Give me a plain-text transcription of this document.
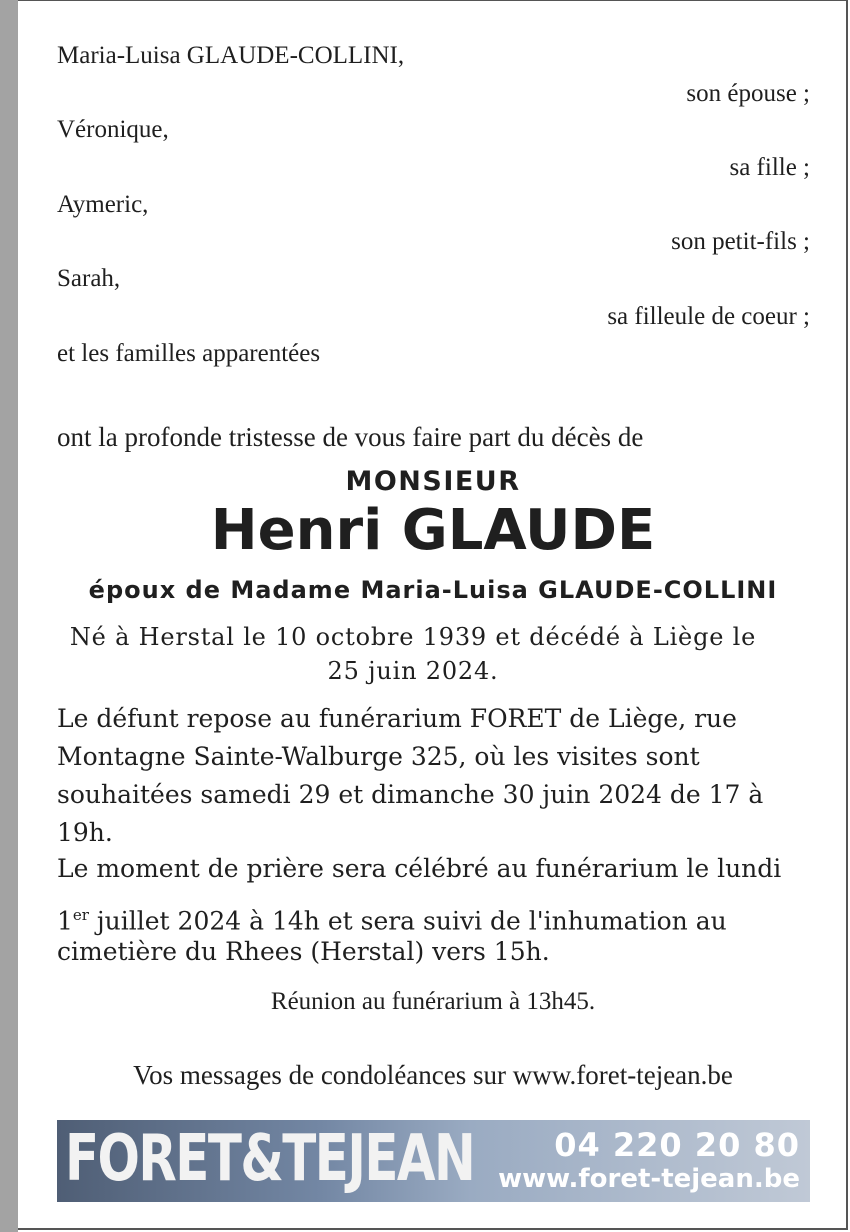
Maria-Luisa GLAUDE-COLLINI,
son épouse ;
Véronique,
sa fille ;
Aymeric,
son petit-fils ;
Sarah,
sa filleule de coeur ;
et les familles apparentées
ont la profonde tristesse de vous faire part du décès de
MONSIEUR
Henri GLAUDE
époux de Madame Maria-Luisa GLAUDE-COLLINI
Né à Herstal le 10 octobre 1939 et décédé à Liège le
25 juin 2024.
Le défunt repose au funérarium FORET de Liège, rue
Montagne Sainte-Walburge 325, où les visites sont
souhaitées samedi 29 et dimanche 30 juin 2024 de 17 à
19h.
Le moment de prière sera célébré au funérarium le lundi
1er juillet 2024 à 14h et sera suivi de l'inhumation au
cimetière du Rhees (Herstal) vers 15h.
Réunion au funérarium à 13h45.
Vos messages de condoléances sur www.foret-tejean.be
FORET&TEJEAN	04 220 20 80
www.foret-tejean.be
